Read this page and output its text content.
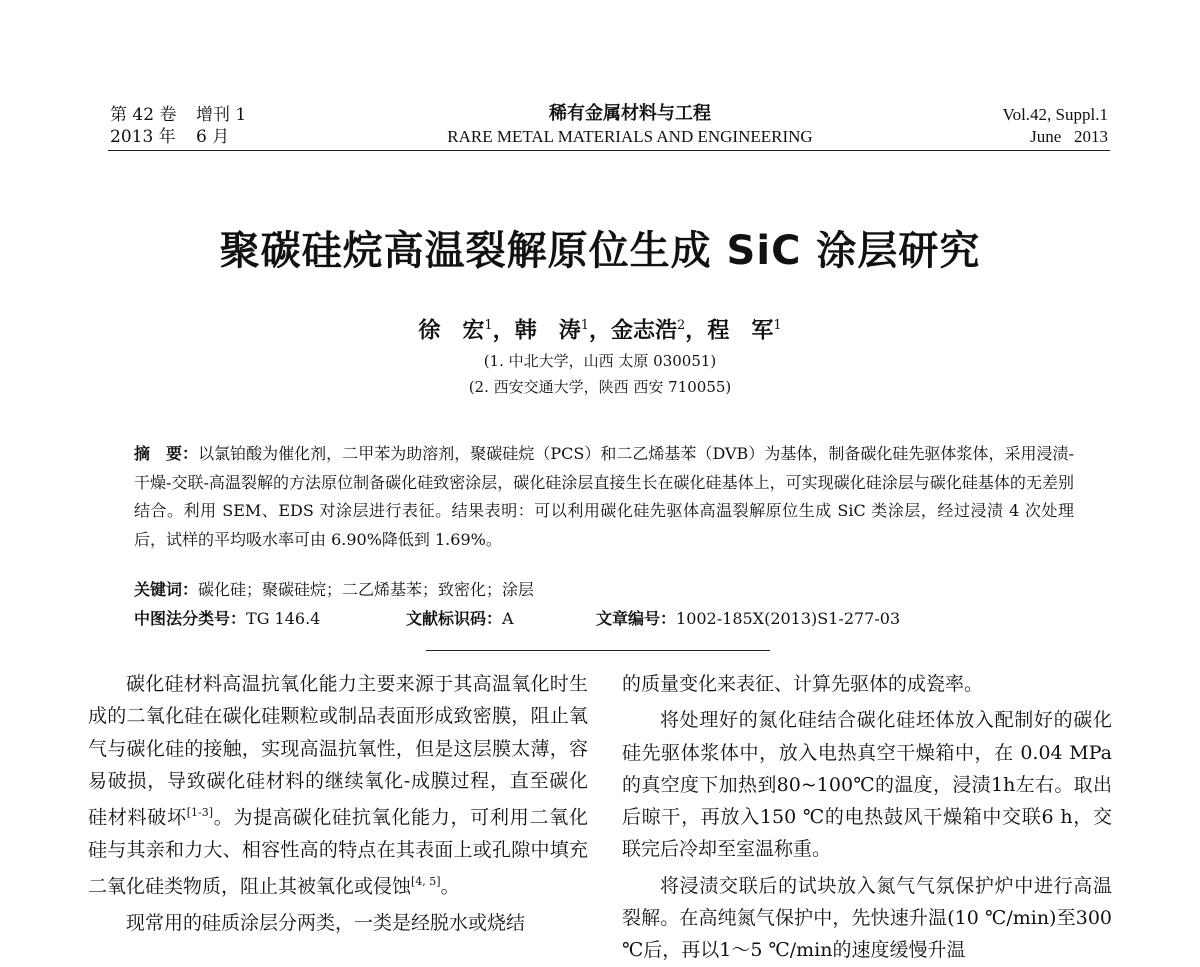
第 42 卷 增刊 1
2013 年 6 月
稀有金属材料与工程
RARE METAL MATERIALS AND ENGINEERING
Vol.42, Suppl.1
June   2013
聚碳硅烷高温裂解原位生成 SiC 涂层研究
徐　宏$^1$，韩　涛$^1$，金志浩$^2$，程　军$^1$
(1. 中北大学，山西 太原 030051)
(2. 西安交通大学，陕西 西安 710055)
摘　要：以氯铂酸为催化剂，二甲苯为助溶剂，聚碳硅烷（PCS）和二乙烯基苯（DVB）为基体，制备碳化硅先驱体浆体，采用浸渍-干燥-交联-高温裂解的方法原位制备碳化硅致密涂层，碳化硅涂层直接生长在碳化硅基体上，可实现碳化硅涂层与碳化硅基体的无差别结合。利用 SEM、EDS 对涂层进行表征。结果表明：可以利用碳化硅先驱体高温裂解原位生成 SiC 类涂层，经过浸渍 4 次处理后，试样的平均吸水率可由 6.90%降低到 1.69%。
关键词：碳化硅；聚碳硅烷；二乙烯基苯；致密化；涂层
中图法分类号：TG 146.4	文献标识码：A	文章编号：1002-185X(2013)S1-277-03

碳化硅材料高温抗氧化能力主要来源于其高温氧化时生成的二氧化硅在碳化硅颗粒或制品表面形成致密膜，阻止氧气与碳化硅的接触，实现高温抗氧性，但是这层膜太薄，容易破损，导致碳化硅材料的继续氧化-成膜过程，直至碳化硅材料破坏[1-3]。为提高碳化硅抗氧化能力，可利用二氧化硅与其亲和力大、相容性高的特点在其表面上或孔隙中填充二氧化硅类物质，阻止其被氧化或侵蚀[4, 5]。

现常用的硅质涂层分两类，一类是经脱水或烧结

的质量变化来表征、计算先驱体的成瓷率。

将处理好的氮化硅结合碳化硅坯体放入配制好的碳化硅先驱体浆体中，放入电热真空干燥箱中，在 0.04 MPa的真空度下加热到80~100℃的温度，浸渍1h左右。取出后晾干，再放入150 ℃的电热鼓风干燥箱中交联6 h，交联完后冷却至室温称重。

将浸渍交联后的试块放入氮气气氛保护炉中进行高温裂解。在高纯氮气保护中，先快速升温(10 ℃/min)至300 ℃后，再以1～5 ℃/min的速度缓慢升温
